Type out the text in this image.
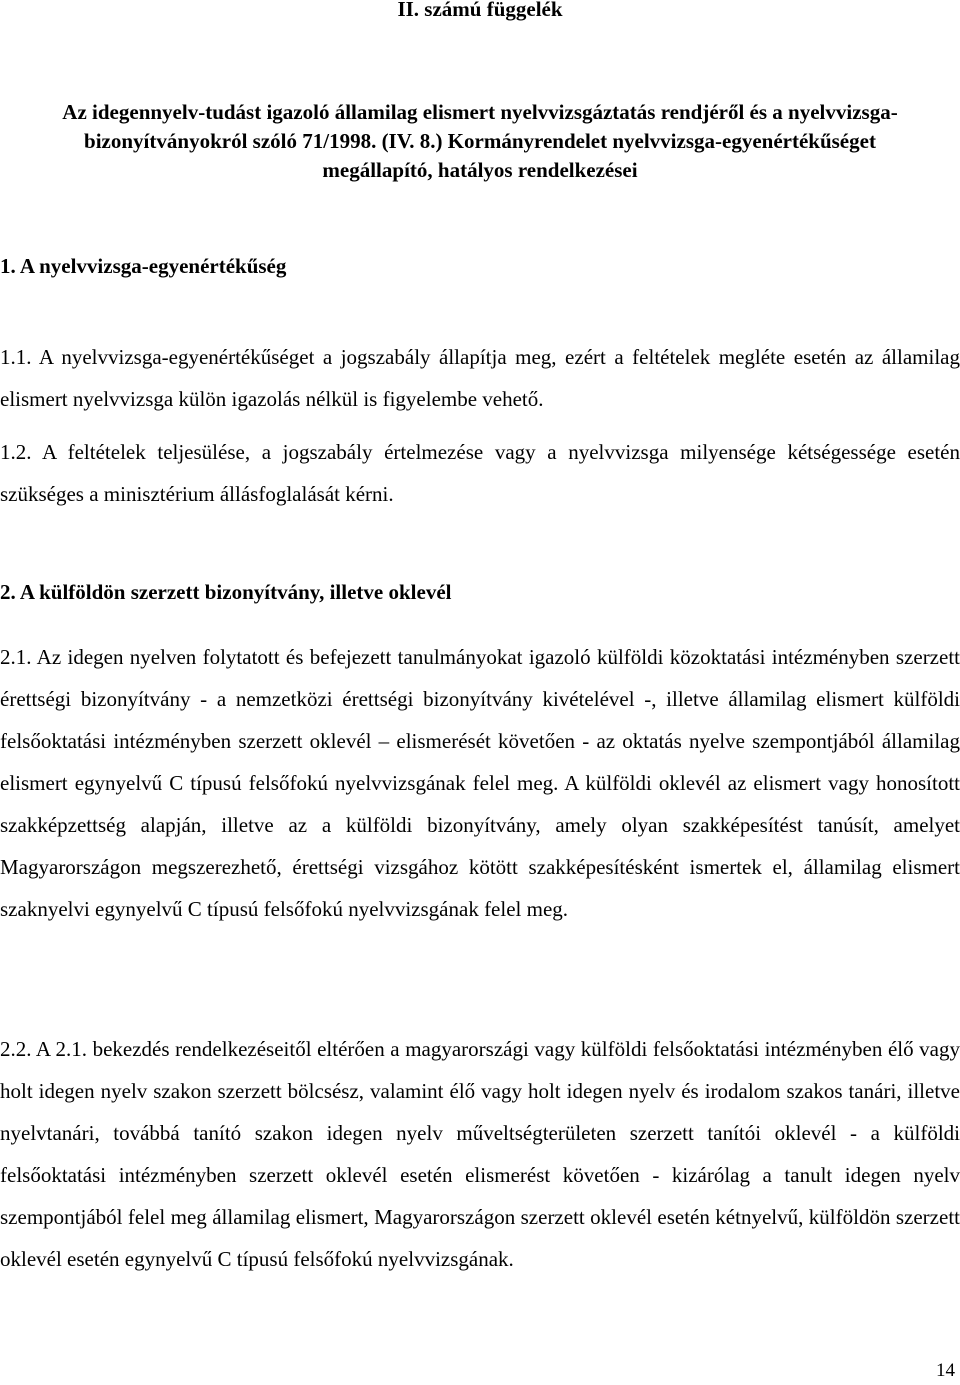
II. számú függelék
Az idegennyelv-tudást igazoló államilag elismert nyelvvizsgáztatás rendjéről és a nyelvvizsga-bizonyítványokról szóló 71/1998. (IV. 8.) Kormányrendelet nyelvvizsga-egyenértékűséget megállapító, hatályos rendelkezései
1. A nyelvvizsga-egyenértékűség

1.1. A nyelvvizsga-egyenértékűséget a jogszabály állapítja meg, ezért a feltételek megléte esetén az államilag elismert nyelvvizsga külön igazolás nélkül is figyelembe vehető.

1.2. A feltételek teljesülése, a jogszabály értelmezése vagy a nyelvvizsga milyensége kétségessége esetén szükséges a minisztérium állásfoglalását kérni.

2. A külföldön szerzett bizonyítvány, illetve oklevél

2.1. Az idegen nyelven folytatott és befejezett tanulmányokat igazoló külföldi közoktatási intézményben szerzett érettségi bizonyítvány - a nemzetközi érettségi bizonyítvány kivételével -, illetve államilag elismert külföldi felsőoktatási intézményben szerzett oklevél – elismerését követően - az oktatás nyelve szempontjából államilag elismert egynyelvű C típusú felsőfokú nyelvvizsgának felel meg. A külföldi oklevél az elismert vagy honosított szakképzettség alapján, illetve az a külföldi bizonyítvány, amely olyan szakképesítést tanúsít, amelyet Magyarországon megszerezhető, érettségi vizsgához kötött szakképesítésként ismertek el, államilag elismert szaknyelvi egynyelvű C típusú felsőfokú nyelvvizsgának felel meg.

2.2. A 2.1. bekezdés rendelkezéseitől eltérően a magyarországi vagy külföldi felsőoktatási intézményben élő vagy holt idegen nyelv szakon szerzett bölcsész, valamint élő vagy holt idegen nyelv és irodalom szakos tanári, illetve nyelvtanári, továbbá tanító szakon idegen nyelv műveltségterületen szerzett tanítói oklevél - a külföldi felsőoktatási intézményben szerzett oklevél esetén elismerést követően - kizárólag a tanult idegen nyelv szempontjából felel meg államilag elismert, Magyarországon szerzett oklevél esetén kétnyelvű, külföldön szerzett oklevél esetén egynyelvű C típusú felsőfokú nyelvvizsgának.

14
